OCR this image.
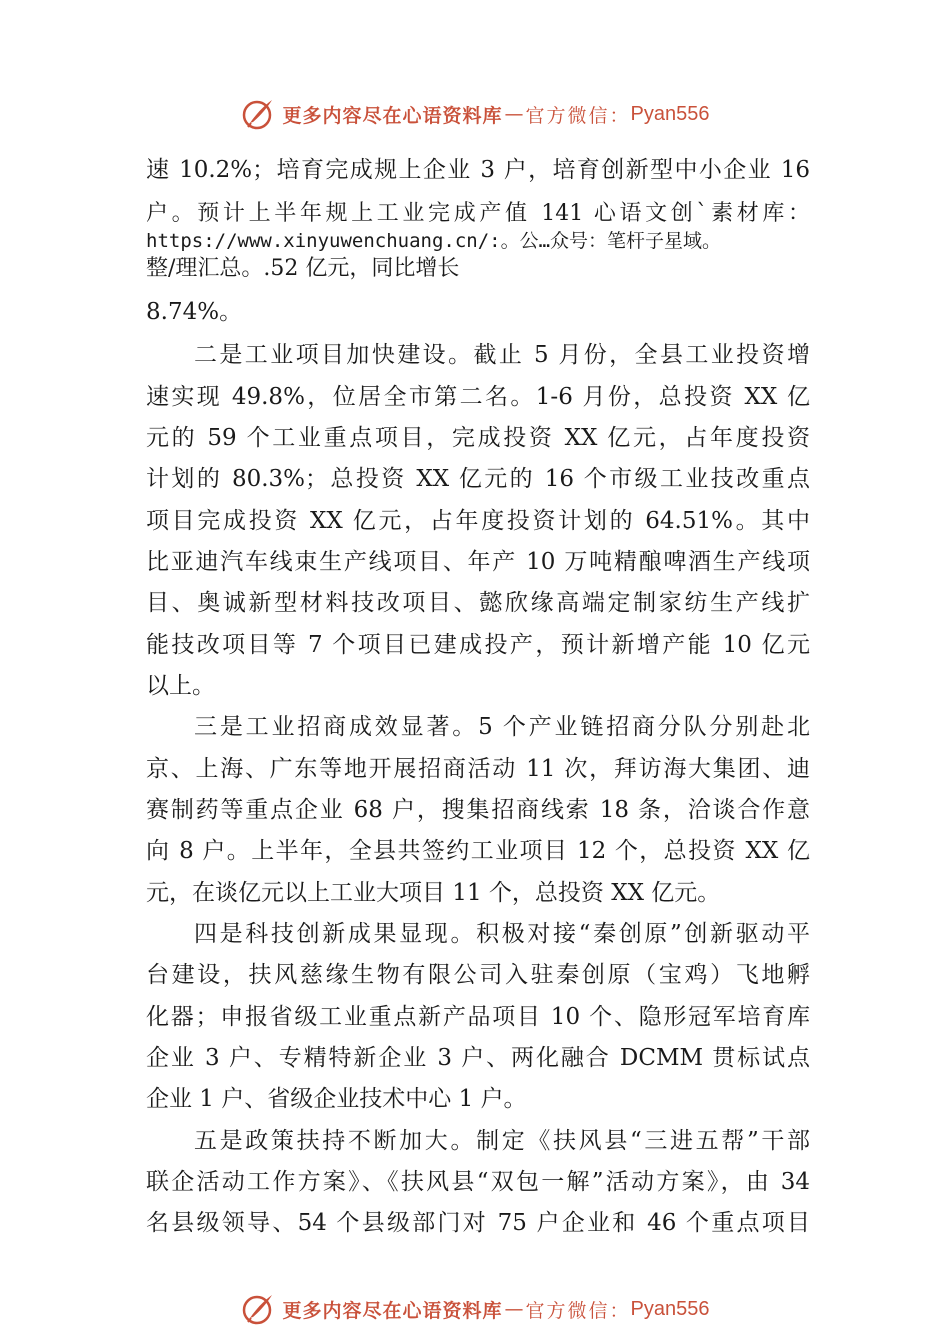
更多内容尽在心语资料库 — 官方微信： Pyan556
速 10.2%；培育完成规上企业 3 户，培育创新型中小企业 16
户。预计上半年规上工业完成产值 141 心语文创`素材库：
https://www.xinyuwenchuang.cn/:。公…众号：笔杆子星域。
整/理汇总。.52 亿元，同比增长
8.74%。
二是工业项目加快建设。截止 5 月份，全县工业投资增
速实现 49.8%，位居全市第二名。1-6 月份，总投资 XX 亿
元的 59 个工业重点项目，完成投资 XX 亿元，占年度投资
计划的 80.3%；总投资 XX 亿元的 16 个市级工业技改重点
项目完成投资 XX 亿元，占年度投资计划的 64.51%。其中
比亚迪汽车线束生产线项目、年产 10 万吨精酿啤酒生产线项
目、奥诚新型材料技改项目、懿欣缘高端定制家纺生产线扩
能技改项目等 7 个项目已建成投产，预计新增产能 10 亿元
以上。
三是工业招商成效显著。5 个产业链招商分队分别赴北
京、上海、广东等地开展招商活动 11 次，拜访海大集团、迪
赛制药等重点企业 68 户，搜集招商线索 18 条，洽谈合作意
向 8 户。上半年，全县共签约工业项目 12 个，总投资 XX 亿
元，在谈亿元以上工业大项目 11 个，总投资 XX 亿元。
四是科技创新成果显现。积极对接“秦创原”创新驱动平
台建设，扶风慈缘生物有限公司入驻秦创原（宝鸡）飞地孵
化器；申报省级工业重点新产品项目 10 个、隐形冠军培育库
企业 3 户、专精特新企业 3 户、两化融合 DCMM 贯标试点
企业 1 户、省级企业技术中心 1 户。
五是政策扶持不断加大。制定《扶风县“三进五帮”干部
联企活动工作方案》、《扶风县“双包一解”活动方案》，由 34
名县级领导、54 个县级部门对 75 户企业和 46 个重点项目
更多内容尽在心语资料库 — 官方微信： Pyan556
